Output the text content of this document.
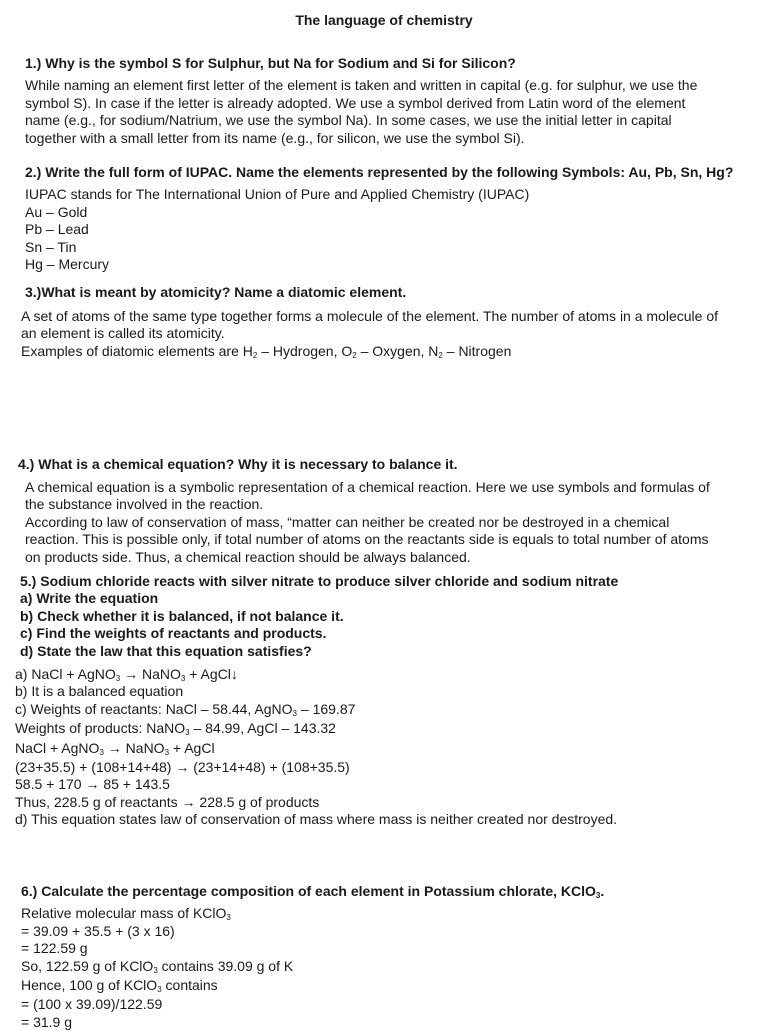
The language of chemistry
1.) Why is the symbol S for Sulphur, but Na for Sodium and Si for Silicon?
While naming an element first letter of the element is taken and written in capital (e.g. for sulphur, we use the
symbol S). In case if the letter is already adopted. We use a symbol derived from Latin word of the element
name (e.g., for sodium/Natrium, we use the symbol Na). In some cases, we use the initial letter in capital
together with a small letter from its name (e.g., for silicon, we use the symbol Si).
2.) Write the full form of IUPAC. Name the elements represented by the following Symbols: Au, Pb, Sn, Hg?
IUPAC stands for The International Union of Pure and Applied Chemistry (IUPAC)
Au – Gold
Pb – Lead
Sn – Tin
Hg – Mercury
3.)What is meant by atomicity? Name a diatomic element.
A set of atoms of the same type together forms a molecule of the element. The number of atoms in a molecule of
an element is called its atomicity.
Examples of diatomic elements are $H_2$ – Hydrogen, $O_2$ – Oxygen, $N_2$ – Nitrogen
4.) What is a chemical equation? Why it is necessary to balance it.
A chemical equation is a symbolic representation of a chemical reaction. Here we use symbols and formulas of
the substance involved in the reaction.
According to law of conservation of mass, “matter can neither be created nor be destroyed in a chemical
reaction. This is possible only, if total number of atoms on the reactants side is equals to total number of atoms
on products side. Thus, a chemical reaction should be always balanced.
5.) Sodium chloride reacts with silver nitrate to produce silver chloride and sodium nitrate
a) Write the equation
b) Check whether it is balanced, if not balance it.
c) Find the weights of reactants and products.
d) State the law that this equation satisfies?
a) NaCl + AgNO$_3$ → NaNO$_3$ + AgCl↓
b) It is a balanced equation
c) Weights of reactants: NaCl – 58.44, AgNO$_3$ – 169.87
Weights of products: NaNO$_3$ – 84.99, AgCl – 143.32
NaCl + AgNO$_3$ → NaNO$_3$ + AgCl
(23+35.5) + (108+14+48) → (23+14+48) + (108+35.5)
58.5 + 170 → 85 + 143.5
Thus, 228.5 g of reactants → 228.5 g of products
d) This equation states law of conservation of mass where mass is neither created nor destroyed.
6.) Calculate the percentage composition of each element in Potassium chlorate, KClO$_3$.
Relative molecular mass of KClO$_3$
= 39.09 + 35.5 + (3 x 16)
= 122.59 g
So, 122.59 g of KClO$_3$ contains 39.09 g of K
Hence, 100 g of KClO$_3$ contains
= (100 x 39.09)/122.59
= 31.9 g
